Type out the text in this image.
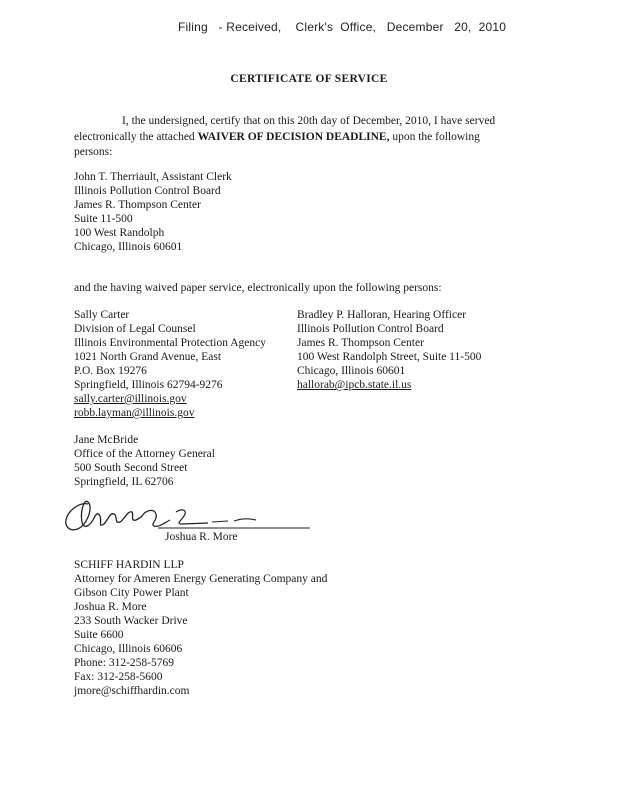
Filing   - Received,    Clerk's  Office,   December   20,  2010
CERTIFICATE OF SERVICE
I, the undersigned, certify that on this 20th day of December, 2010, I have served electronically the attached WAIVER OF DECISION DEADLINE, upon the following persons:
John T. Therriault, Assistant Clerk
Illinois Pollution Control Board
James R. Thompson Center
Suite 11-500
100 West Randolph
Chicago, Illinois 60601
and the having waived paper service, electronically upon the following persons:
Sally Carter
Division of Legal Counsel
Illinois Environmental Protection Agency
1021 North Grand Avenue, East
P.O. Box 19276
Springfield, Illinois 62794-9276
sally.carter@illinois.gov
robb.layman@illinois.gov
Bradley P. Halloran, Hearing Officer
Illinois Pollution Control Board
James R. Thompson Center
100 West Randolph Street, Suite 11-500
Chicago, Illinois 60601
hallorab@ipcb.state.il.us
Jane McBride
Office of the Attorney General
500 South Second Street
Springfield, IL 62706
Joshua R. More
SCHIFF HARDIN LLP
Attorney for Ameren Energy Generating Company and
Gibson City Power Plant
Joshua R. More
233 South Wacker Drive
Suite 6600
Chicago, Illinois 60606
Phone: 312-258-5769
Fax: 312-258-5600
jmore@schiffhardin.com
